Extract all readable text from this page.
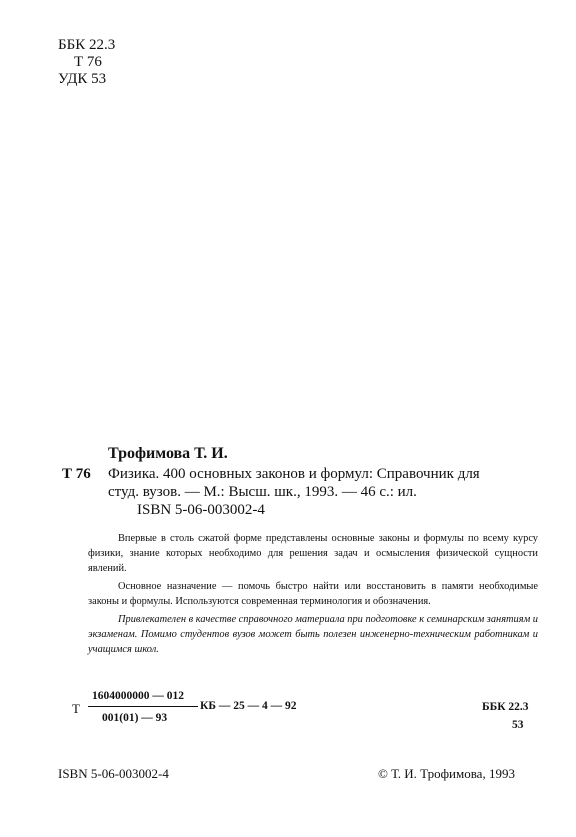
ББК 22.3
Т 76
УДК 53
Трофимова Т. И.
Т 76 Физика. 400 основных законов и формул: Справочник для
студ. вузов. — М.: Высш. шк., 1993. — 46 с.: ил.
ISBN 5-06-003002-4

Впервые в столь сжатой форме представлены основные законы и формулы по всему курсу физики, знание которых необходимо для решения задач и осмысления физической сущности явлений.

Основное назначение — помочь быстро найти или восстановить в памяти необходимые законы и формулы. Используются современная терминология и обозначения.

Привлекателен в качестве справочного материала при подготовке к семинарским занятиям и экзаменам. Помимо студентов вузов может быть полезен инженерно-техническим работникам и учащимся школ.

Т
1604000000 — 012
КБ — 25 — 4 — 92
001(01) — 93
ББК 22.3
53
ISBN 5-06-003002-4	© Т. И. Трофимова, 1993
